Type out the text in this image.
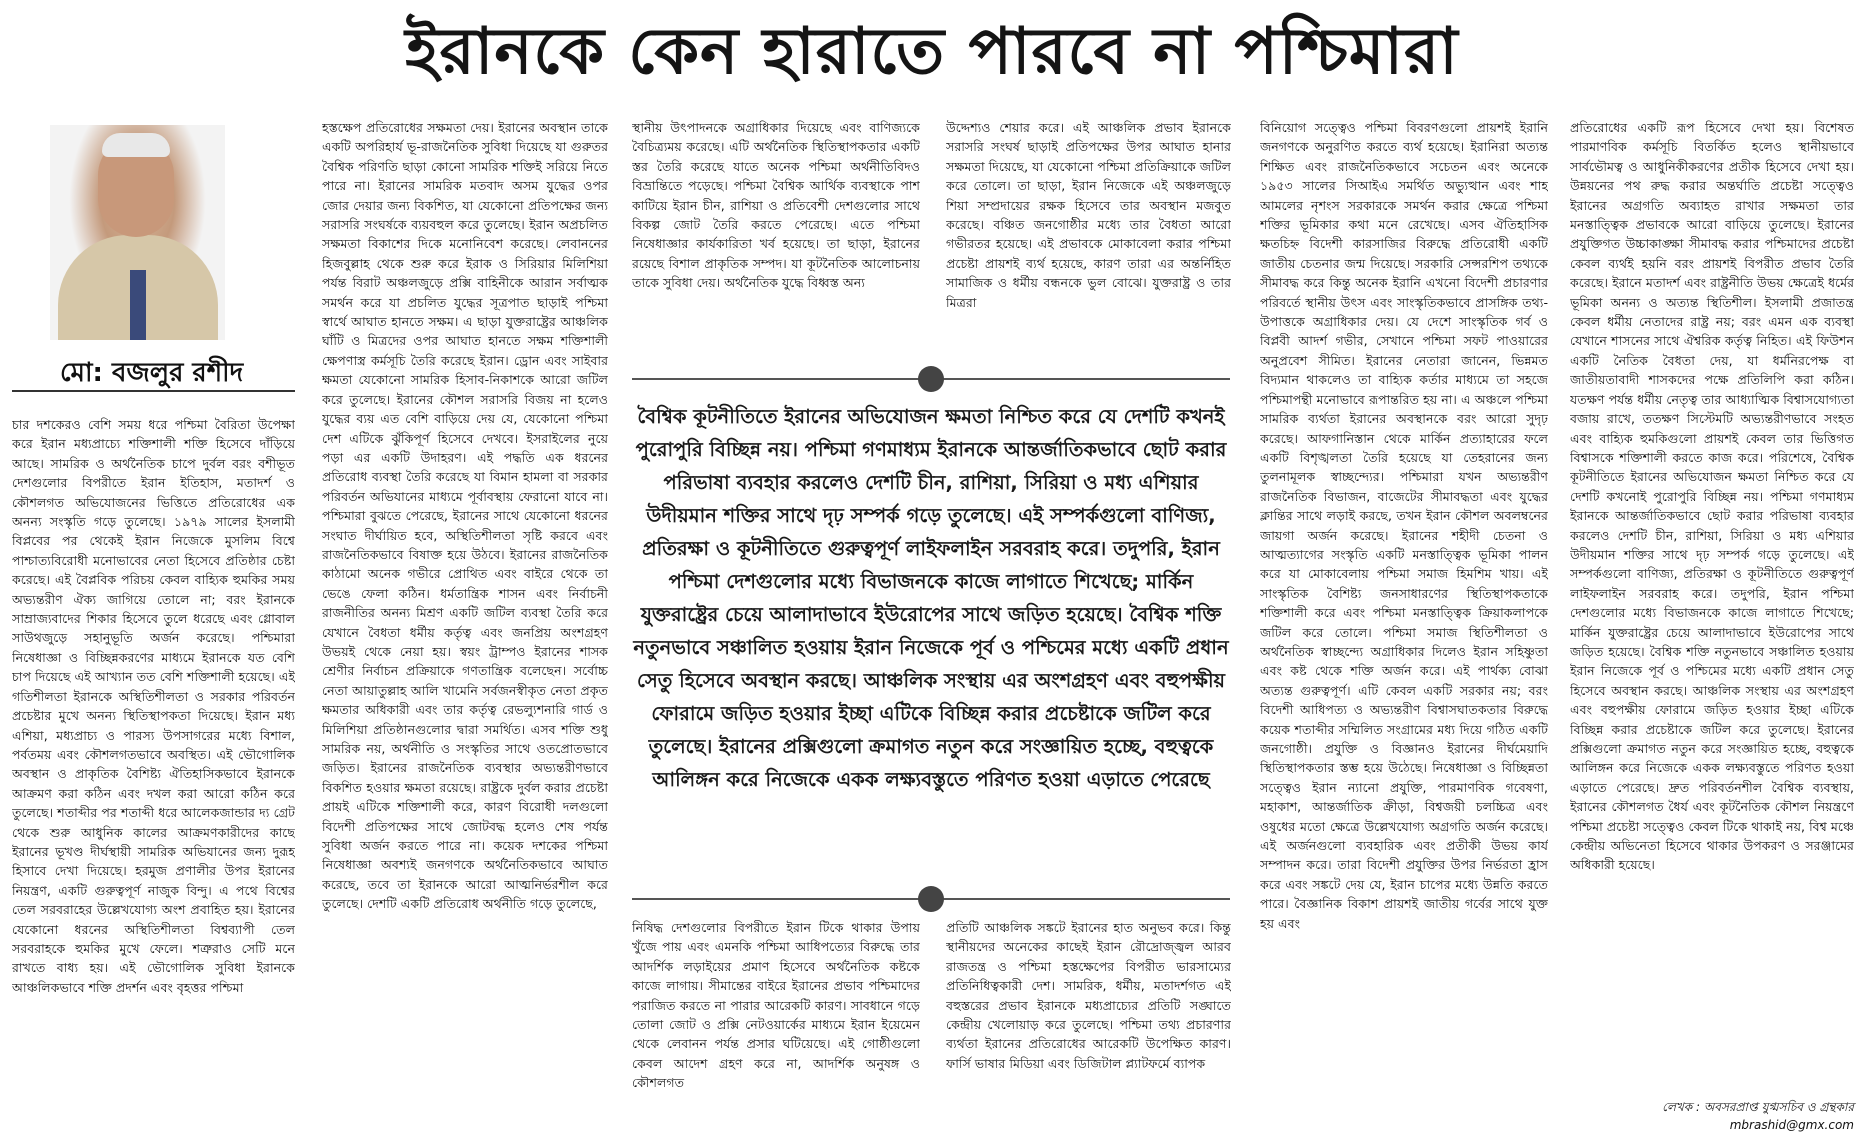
ইরানকে কেন হারাতে পারবে না পশ্চিমারা
মো: বজলুর রশীদ

চার দশকেরও বেশি সময় ধরে পশ্চিমা বৈরিতা উপেক্ষা করে ইরান মধ্যপ্রাচ্যে শক্তিশালী শক্তি হিসেবে দাঁড়িয়ে আছে। সামরিক ও অর্থনৈতিক চাপে দুর্বল বরং বশীভূত দেশগুলোর বিপরীতে ইরান ইতিহাস, মতাদর্শ ও কৌশলগত অভিযোজনের ভিত্তিতে প্রতিরোধের এক অনন্য সংস্কৃতি গড়ে তুলেছে। ১৯৭৯ সালের ইসলামী বিপ্লবের পর থেকেই ইরান নিজেকে মুসলিম বিশ্বে পাশ্চাত্যবিরোধী মনোভাবের নেতা হিসেবে প্রতিষ্ঠার চেষ্টা করেছে। এই বৈপ্লবিক পরিচয় কেবল বাহ্যিক হুমকির সময় অভ্যন্তরীণ ঐক্য জাগিয়ে তোলে না; বরং ইরানকে সাম্রাজ্যবাদের শিকার হিসেবে তুলে ধরেছে এবং গ্লোবাল সাউথজুড়ে সহানুভূতি অর্জন করেছে। পশ্চিমারা নিষেধাজ্ঞা ও বিচ্ছিন্নকরণের মাধ্যমে ইরানকে যত বেশি চাপ দিয়েছে এই আখ্যান তত বেশি শক্তিশালী হয়েছে। এই গতিশীলতা ইরানকে অস্থিতিশীলতা ও সরকার পরিবর্তন প্রচেষ্টার মুখে অনন্য স্থিতিস্থাপকতা দিয়েছে। ইরান মধ্য এশিয়া, মধ্যপ্রাচ্য ও পারস্য উপসাগরের মধ্যে বিশাল, পর্বতময় এবং কৌশলগতভাবে অবস্থিত। এই ভৌগোলিক অবস্থান ও প্রাকৃতিক বৈশিষ্ট্য ঐতিহাসিকভাবে ইরানকে আক্রমণ করা কঠিন এবং দখল করা আরো কঠিন করে তুলেছে। শতাব্দীর পর শতাব্দী ধরে আলেকজান্ডার দ্য গ্রেট থেকে শুরু আধুনিক কালের আক্রমণকারীদের কাছে ইরানের ভূখণ্ড দীর্ঘস্থায়ী সামরিক অভিযানের জন্য দুরূহ হিসাবে দেখা দিয়েছে। হরমুজ প্রণালীর উপর ইরানের নিয়ন্ত্রণ, একটি গুরুত্বপূর্ণ নাজুক বিন্দু। এ পথে বিশ্বের তেল সরবরাহের উল্লেখযোগ্য অংশ প্রবাহিত হয়। ইরানের যেকোনো ধরনের অস্থিতিশীলতা বিশ্বব্যাপী তেল সরবরাহকে হুমকির মুখে ফেলে। শত্রুরাও সেটি মনে রাখতে বাধ্য হয়। এই ভৌগোলিক সুবিধা ইরানকে আঞ্চলিকভাবে শক্তি প্রদর্শন এবং বৃহত্তর পশ্চিমা

হস্তক্ষেপ প্রতিরোধের সক্ষমতা দেয়। ইরানের অবস্থান তাকে একটি অপরিহার্য ভূ-রাজনৈতিক সুবিধা দিয়েছে যা গুরুতর বৈশ্বিক পরিণতি ছাড়া কোনো সামরিক শক্তিই সরিয়ে নিতে পারে না। ইরানের সামরিক মতবাদ অসম যুদ্ধের ওপর জোর দেয়ার জন্য বিকশিত, যা যেকোনো প্রতিপক্ষের জন্য সরাসরি সংঘর্ষকে ব্যয়বহুল করে তুলেছে। ইরান অপ্রচলিত সক্ষমতা বিকাশের দিকে মনোনিবেশ করেছে। লেবাননের হিজবুল্লাহ থেকে শুরু করে ইরাক ও সিরিয়ার মিলিশিয়া পর্যন্ত বিরাট অঞ্চলজুড়ে প্রক্সি বাহিনীকে আরান সর্বাত্মক সমর্থন করে যা প্রচলিত যুদ্ধের সূত্রপাত ছাড়াই পশ্চিমা স্বার্থে আঘাত হানতে সক্ষম। এ ছাড়া যুক্তরাষ্ট্রের আঞ্চলিক ঘাঁটি ও মিত্রদের ওপর আঘাত হানতে সক্ষম শক্তিশালী ক্ষেপণাস্ত্র কর্মসূচি তৈরি করেছে ইরান। ড্রোন এবং সাইবার ক্ষমতা যেকোনো সামরিক হিসাব-নিকাশকে আরো জটিল করে তুলেছে। ইরানের কৌশল সরাসরি বিজয় না হলেও যুদ্ধের ব্যয় এত বেশি বাড়িয়ে দেয় যে, যেকোনো পশ্চিমা দেশ এটিকে ঝুঁকিপূর্ণ হিসেবে দেখবে। ইসরাইলের নুয়ে পড়া এর একটি উদাহরণ। এই পদ্ধতি এক ধরনের প্রতিরোধ ব্যবস্থা তৈরি করেছে যা বিমান হামলা বা সরকার পরিবর্তন অভিযানের মাধ্যমে পূর্বাবস্থায় ফেরানো যাবে না। পশ্চিমারা বুঝতে পেরেছে, ইরানের সাথে যেকোনো ধরনের সংঘাত দীর্ঘায়িত হবে, অস্থিতিশীলতা সৃষ্টি করবে এবং রাজনৈতিকভাবে বিষাক্ত হয়ে উঠবে। ইরানের রাজনৈতিক কাঠামো অনেক গভীরে প্রোথিত এবং বাইরে থেকে তা ভেঙে ফেলা কঠিন। ধর্মতান্ত্রিক শাসন এবং নির্বাচনী রাজনীতির অনন্য মিশ্রণ একটি জটিল ব্যবস্থা তৈরি করে যেখানে বৈধতা ধর্মীয় কর্তৃত্ব এবং জনপ্রিয় অংশগ্রহণ উভয়ই থেকে নেয়া হয়। স্বয়ং ট্রাম্পও ইরানের শাসক শ্রেণীর নির্বাচন প্রক্রিয়াকে গণতান্ত্রিক বলেছেন। সর্বোচ্চ নেতা আয়াতুল্লাহ আলি খামেনি সর্বজনস্বীকৃত নেতা প্রকৃত ক্ষমতার অধিকারী এবং তার কর্তৃত্ব রেভল্যুশনারি গার্ড ও মিলিশিয়া প্রতিষ্ঠানগুলোর দ্বারা সমর্থিত। এসব শক্তি শুধু সামরিক নয়, অর্থনীতি ও সংস্কৃতির সাথে ওতপ্রোতভাবে জড়িত। ইরানের রাজনৈতিক ব্যবস্থার অভ্যন্তরীণভাবে বিকশিত হওয়ার ক্ষমতা রয়েছে। রাষ্ট্রকে দুর্বল করার প্রচেষ্টা প্রায়ই এটিকে শক্তিশালী করে, কারণ বিরোধী দলগুলো বিদেশী প্রতিপক্ষের সাথে জোটবদ্ধ হলেও শেষ পর্যন্ত সুবিধা অর্জন করতে পারে না। কয়েক দশকের পশ্চিমা নিষেধাজ্ঞা অবশ্যই জনগণকে অর্থনৈতিকভাবে আঘাত করেছে, তবে তা ইরানকে আরো আত্মনির্ভরশীল করে তুলেছে। দেশটি একটি প্রতিরোধ অর্থনীতি গড়ে তুলেছে,

স্থানীয় উৎপাদনকে অগ্রাধিকার দিয়েছে এবং বাণিজ্যকে বৈচিত্র্যময় করেছে। এটি অর্থনৈতিক স্থিতিস্থাপকতার একটি স্তর তৈরি করেছে যাতে অনেক পশ্চিমা অর্থনীতিবিদও বিভ্রান্তিতে পড়েছে। পশ্চিমা বৈশ্বিক আর্থিক ব্যবস্থাকে পাশ কাটিয়ে ইরান চীন, রাশিয়া ও প্রতিবেশী দেশগুলোর সাথে বিকল্প জোট তৈরি করতে পেরেছে। এতে পশ্চিমা নিষেধাজ্ঞার কার্যকারিতা খর্ব হয়েছে। তা ছাড়া, ইরানের রয়েছে বিশাল প্রাকৃতিক সম্পদ। যা কূটনৈতিক আলোচনায় তাকে সুবিধা দেয়। অর্থনৈতিক যুদ্ধে বিধ্বস্ত অন্য

উদ্দেশ্যও শেয়ার করে। এই আঞ্চলিক প্রভাব ইরানকে সরাসরি সংঘর্ষ ছাড়াই প্রতিপক্ষের উপর আঘাত হানার সক্ষমতা দিয়েছে, যা যেকোনো পশ্চিমা প্রতিক্রিয়াকে জটিল করে তোলে। তা ছাড়া, ইরান নিজেকে এই অঞ্চলজুড়ে শিয়া সম্প্রদায়ের রক্ষক হিসেবে তার অবস্থান মজবুত করেছে। বঞ্চিত জনগোষ্ঠীর মধ্যে তার বৈধতা আরো গভীরতর হয়েছে। এই প্রভাবকে মোকাবেলা করার পশ্চিমা প্রচেষ্টা প্রায়শই ব্যর্থ হয়েছে, কারণ তারা এর অন্তর্নিহিত সামাজিক ও ধর্মীয় বন্ধনকে ভুল বোঝে। যুক্তরাষ্ট্র ও তার মিত্ররা

বিনিয়োগ সত্ত্বেও পশ্চিমা বিবরণগুলো প্রায়শই ইরানি জনগণকে অনুরণিত করতে ব্যর্থ হয়েছে। ইরানিরা অত্যন্ত শিক্ষিত এবং রাজনৈতিকভাবে সচেতন এবং অনেকে ১৯৫৩ সালের সিআইএ সমর্থিত অভ্যুত্থান এবং শাহ আমলের নৃশংস সরকারকে সমর্থন করার ক্ষেত্রে পশ্চিমা শক্তির ভূমিকার কথা মনে রেখেছে। এসব ঐতিহাসিক ক্ষতচিহ্ন বিদেশী কারসাজির বিরুদ্ধে প্রতিরোধী একটি জাতীয় চেতনার জন্ম দিয়েছে। সরকারি সেন্সরশিপ তথ্যকে সীমাবদ্ধ করে কিন্তু অনেক ইরানি এখনো বিদেশী প্রচারণার পরিবর্তে স্থানীয় উৎস এবং সাংস্কৃতিকভাবে প্রাসঙ্গিক তথ্য-উপাত্তকে অগ্রাধিকার দেয়। যে দেশে সাংস্কৃতিক গর্ব ও বিপ্লবী আদর্শ গভীর, সেখানে পশ্চিমা সফট পাওয়ারের অনুপ্রবেশ সীমিত। ইরানের নেতারা জানেন, ভিন্নমত বিদ্যমান থাকলেও তা বাহ্যিক কর্তার মাধ্যমে তা সহজে পশ্চিমাপন্থী মনোভাবে রূপান্তরিত হয় না। এ অঞ্চলে পশ্চিমা সামরিক ব্যর্থতা ইরানের অবস্থানকে বরং আরো সুদৃঢ় করেছে। আফগানিস্তান থেকে মার্কিন প্রত্যাহারের ফলে একটি বিশৃঙ্খলতা তৈরি হয়েছে যা তেহরানের জন্য তুলনামূলক স্বাচ্ছন্দ্যের। পশ্চিমারা যখন অভ্যন্তরীণ রাজনৈতিক বিভাজন, বাজেটের সীমাবদ্ধতা এবং যুদ্ধের ক্লান্তির সাথে লড়াই করছে, তখন ইরান কৌশল অবলম্বনের জায়গা অর্জন করেছে। ইরানের শহীদী চেতনা ও আত্মত্যাগের সংস্কৃতি একটি মনস্তাত্ত্বিক ভূমিকা পালন করে যা মোকাবেলায় পশ্চিমা সমাজ হিমশিম খায়। এই সাংস্কৃতিক বৈশিষ্ট্য জনসাধারণের স্থিতিস্থাপকতাকে শক্তিশালী করে এবং পশ্চিমা মনস্তাত্ত্বিক ক্রিয়াকলাপকে জটিল করে তোলে। পশ্চিমা সমাজ স্থিতিশীলতা ও অর্থনৈতিক স্বাচ্ছন্দ্যে অগ্রাধিকার দিলেও ইরান সহিষ্ণুতা এবং কষ্ট থেকে শক্তি অর্জন করে। এই পার্থক্য বোঝা অত্যন্ত গুরুত্বপূর্ণ। এটি কেবল একটি সরকার নয়; বরং বিদেশী আধিপত্য ও অভ্যন্তরীণ বিশ্বাসঘাতকতার বিরুদ্ধে কয়েক শতাব্দীর সম্মিলিত সংগ্রামের মধ্য দিয়ে গঠিত একটি জনগোষ্ঠী। প্রযুক্তি ও বিজ্ঞানও ইরানের দীর্ঘমেয়াদি স্থিতিস্থাপকতার স্তম্ভ হয়ে উঠেছে। নিষেধাজ্ঞা ও বিচ্ছিন্নতা সত্ত্বেও ইরান ন্যানো প্রযুক্তি, পারমাণবিক গবেষণা, মহাকাশ, আন্তর্জাতিক ক্রীড়া, বিশ্বজয়ী চলচ্চিত্র এবং ওষুধের মতো ক্ষেত্রে উল্লেখযোগ্য অগ্রগতি অর্জন করেছে। এই অর্জনগুলো ব্যবহারিক এবং প্রতীকী উভয় কার্য সম্পাদন করে। তারা বিদেশী প্রযুক্তির উপর নির্ভরতা হ্রাস করে এবং সঙ্কটে দেয় যে, ইরান চাপের মধ্যে উন্নতি করতে পারে। বৈজ্ঞানিক বিকাশ প্রায়শই জাতীয় গর্বের সাথে যুক্ত হয় এবং

প্রতিরোধের একটি রূপ হিসেবে দেখা হয়। বিশেষত পারমাণবিক কর্মসূচি বিতর্কিত হলেও স্থানীয়ভাবে সার্বভৌমত্ব ও আধুনিকীকরণের প্রতীক হিসেবে দেখা হয়। উন্নয়নের পথ রুদ্ধ করার অন্তর্ঘাতি প্রচেষ্টা সত্ত্বেও ইরানের অগ্রগতি অব্যাহত রাখার সক্ষমতা তার মনস্তাত্ত্বিক প্রভাবকে আরো বাড়িয়ে তুলেছে। ইরানের প্রযুক্তিগত উচ্চাকাঙ্ক্ষা সীমাবদ্ধ করার পশ্চিমাদের প্রচেষ্টা কেবল ব্যর্থই হয়নি বরং প্রায়শই বিপরীত প্রভাব তৈরি করেছে। ইরানে মতাদর্শ এবং রাষ্ট্রনীতি উভয় ক্ষেত্রেই ধর্মের ভূমিকা অনন্য ও অত্যন্ত স্থিতিশীল। ইসলামী প্রজাতন্ত্র কেবল ধর্মীয় নেতাদের রাষ্ট্র নয়; বরং এমন এক ব্যবস্থা যেখানে শাসনের সাথে ঐশ্বরিক কর্তৃত্ব নিহিত। এই ফিউশন একটি নৈতিক বৈধতা দেয়, যা ধর্মনিরপেক্ষ বা জাতীয়তাবাদী শাসকদের পক্ষে প্রতিলিপি করা কঠিন। যতক্ষণ পর্যন্ত ধর্মীয় নেতৃত্ব তার আধ্যাত্মিক বিশ্বাসযোগ্যতা বজায় রাখে, ততক্ষণ সিস্টেমটি অভ্যন্তরীণভাবে সংহত এবং বাহ্যিক হুমকিগুলো প্রায়শই কেবল তার ভিত্তিগত বিশ্বাসকে শক্তিশালী করতে কাজ করে। পরিশেষে, বৈশ্বিক কূটনীতিতে ইরানের অভিযোজন ক্ষমতা নিশ্চিত করে যে দেশটি কখনোই পুরোপুরি বিচ্ছিন্ন নয়। পশ্চিমা গণমাধ্যম ইরানকে আন্তর্জাতিকভাবে ছোট করার পরিভাষা ব্যবহার করলেও দেশটি চীন, রাশিয়া, সিরিয়া ও মধ্য এশিয়ার উদীয়মান শক্তির সাথে দৃঢ় সম্পর্ক গড়ে তুলেছে। এই সম্পর্কগুলো বাণিজ্য, প্রতিরক্ষা ও কূটনীতিতে গুরুত্বপূর্ণ লাইফলাইন সরবরাহ করে। তদুপরি, ইরান পশ্চিমা দেশগুলোর মধ্যে বিভাজনকে কাজে লাগাতে শিখেছে; মার্কিন যুক্তরাষ্ট্রের চেয়ে আলাদাভাবে ইউরোপের সাথে জড়িত হয়েছে। বৈশ্বিক শক্তি নতুনভাবে সঞ্চালিত হওয়ায় ইরান নিজেকে পূর্ব ও পশ্চিমের মধ্যে একটি প্রধান সেতু হিসেবে অবস্থান করছে। আঞ্চলিক সংস্থায় এর অংশগ্রহণ এবং বহুপক্ষীয় ফোরামে জড়িত হওয়ার ইচ্ছা এটিকে বিচ্ছিন্ন করার প্রচেষ্টাকে জটিল করে তুলেছে। ইরানের প্রক্সিগুলো ক্রমাগত নতুন করে সংজ্ঞায়িত হচ্ছে, বহুত্বকে আলিঙ্গন করে নিজেকে একক লক্ষ্যবস্তুতে পরিণত হওয়া এড়াতে পেরেছে। দ্রুত পরিবর্তনশীল বৈশ্বিক ব্যবস্থায়, ইরানের কৌশলগত ধৈর্য এবং কূটনৈতিক কৌশল নিয়ন্ত্রণে পশ্চিমা প্রচেষ্টা সত্ত্বেও কেবল টিকে থাকাই নয়, বিশ্ব মঞ্চে কেন্দ্রীয় অভিনেতা হিসেবে থাকার উপকরণ ও সরঞ্জামের অধিকারী হয়েছে।

বৈশ্বিক কূটনীতিতে ইরানের অভিযোজন ক্ষমতা নিশ্চিত করে যে দেশটি কখনই পুরোপুরি বিচ্ছিন্ন নয়। পশ্চিমা গণমাধ্যম ইরানকে আন্তর্জাতিকভাবে ছোট করার পরিভাষা ব্যবহার করলেও দেশটি চীন, রাশিয়া, সিরিয়া ও মধ্য এশিয়ার উদীয়মান শক্তির সাথে দৃঢ় সম্পর্ক গড়ে তুলেছে। এই সম্পর্কগুলো বাণিজ্য, প্রতিরক্ষা ও কূটনীতিতে গুরুত্বপূর্ণ লাইফলাইন সরবরাহ করে। তদুপরি, ইরান পশ্চিমা দেশগুলোর মধ্যে বিভাজনকে কাজে লাগাতে শিখেছে; মার্কিন যুক্তরাষ্ট্রের চেয়ে আলাদাভাবে ইউরোপের সাথে জড়িত হয়েছে। বৈশ্বিক শক্তি নতুনভাবে সঞ্চালিত হওয়ায় ইরান নিজেকে পূর্ব ও পশ্চিমের মধ্যে একটি প্রধান সেতু হিসেবে অবস্থান করছে। আঞ্চলিক সংস্থায় এর অংশগ্রহণ এবং বহুপক্ষীয় ফোরামে জড়িত হওয়ার ইচ্ছা এটিকে বিচ্ছিন্ন করার প্রচেষ্টাকে জটিল করে তুলেছে। ইরানের প্রক্সিগুলো ক্রমাগত নতুন করে সংজ্ঞায়িত হচ্ছে, বহুত্বকে আলিঙ্গন করে নিজেকে একক লক্ষ্যবস্তুতে পরিণত হওয়া এড়াতে পেরেছে

নিষিদ্ধ দেশগুলোর বিপরীতে ইরান টিকে থাকার উপায় খুঁজে পায় এবং এমনকি পশ্চিমা আধিপত্যের বিরুদ্ধে তার আদর্শিক লড়াইয়ের প্রমাণ হিসেবে অর্থনৈতিক কষ্টকে কাজে লাগায়। সীমান্তের বাইরে ইরানের প্রভাব পশ্চিমাদের পরাজিত করতে না পারার আরেকটি কারণ। সাবধানে গড়ে তোলা জোট ও প্রক্সি নেটওয়ার্কের মাধ্যমে ইরান ইয়েমেন থেকে লেবানন পর্যন্ত প্রসার ঘটিয়েছে। এই গোষ্ঠীগুলো কেবল আদেশ গ্রহণ করে না, আদর্শিক অনুষঙ্গ ও কৌশলগত

প্রতিটি আঞ্চলিক সঙ্কটে ইরানের হাত অনুভব করে। কিন্তু স্থানীয়দের অনেকের কাছেই ইরান রৌদ্রোজ্জ্বল আরব রাজতন্ত্র ও পশ্চিমা হস্তক্ষেপের বিপরীত ভারসাম্যের প্রতিনিধিত্বকারী দেশ। সামরিক, ধর্মীয়, মতাদর্শগত এই বহুস্তরের প্রভাব ইরানকে মধ্যপ্রাচ্যের প্রতিটি সঙ্ঘাতে কেন্দ্রীয় খেলোয়াড় করে তুলেছে। পশ্চিমা তথ্য প্রচারণার ব্যর্থতা ইরানের প্রতিরোধের আরেকটি উপেক্ষিত কারণ। ফার্সি ভাষার মিডিয়া এবং ডিজিটাল প্ল্যাটফর্মে ব্যাপক

লেখক : অবসরপ্রাপ্ত যুগ্মসচিব ও গ্রন্থকার
mbrashid@gmx.com
